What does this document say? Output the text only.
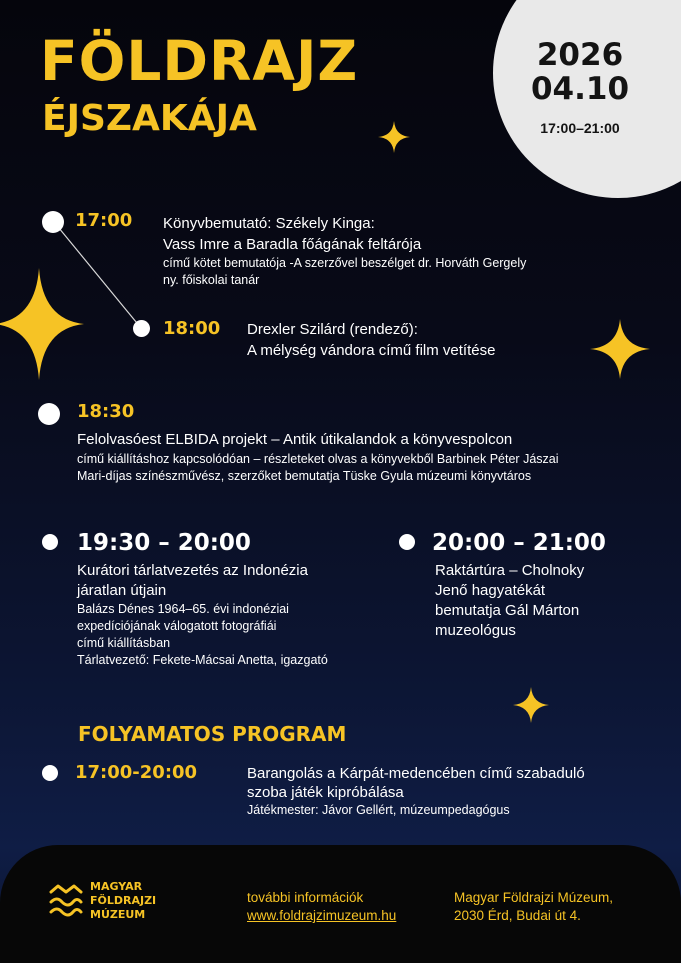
2026
04.10
17:00–21:00
FÖLDRAJZ
ÉJSZAKÁJA
17:00 Könyvbemutató: Székely Kinga:
Vass Imre a Baradla főágának feltárója
című kötet bemutatója -A szerzővel beszélget dr. Horváth Gergely
ny. főiskolai tanár
18:00 Drexler Szilárd (rendező):
A mélység vándora című film vetítése
18:30
Felolvasóest ELBIDA projekt – Antik útikalandok a könyvespolcon
című kiállításhoz kapcsolódóan – részleteket olvas a könyvekből Barbinek Péter Jászai
Mari-díjas színészművész, szerzőket bemutatja Tüske Gyula múzeumi könyvtáros
19:30 – 20:00
Kurátori tárlatvezetés az Indonézia
járatlan útjain
Balázs Dénes 1964–65. évi indonéziai
expedíciójának válogatott fotográfiái
című kiállításban
Tárlatvezető: Fekete-Mácsai Anetta, igazgató
20:00 – 21:00
Raktártúra – Cholnoky
Jenő hagyatékát
bemutatja Gál Márton
muzeológus
FOLYAMATOS PROGRAM
17:00-20:00	Barangolás a Kárpát-medencében című szabaduló
szoba játék kipróbálása
Játékmester: Jávor Gellért, múzeumpedagógus
MAGYAR
FÖLDRAJZI
MÚZEUM
további információk
www.foldrajzimuzeum.hu
Magyar Földrajzi Múzeum,
2030 Érd, Budai út 4.
